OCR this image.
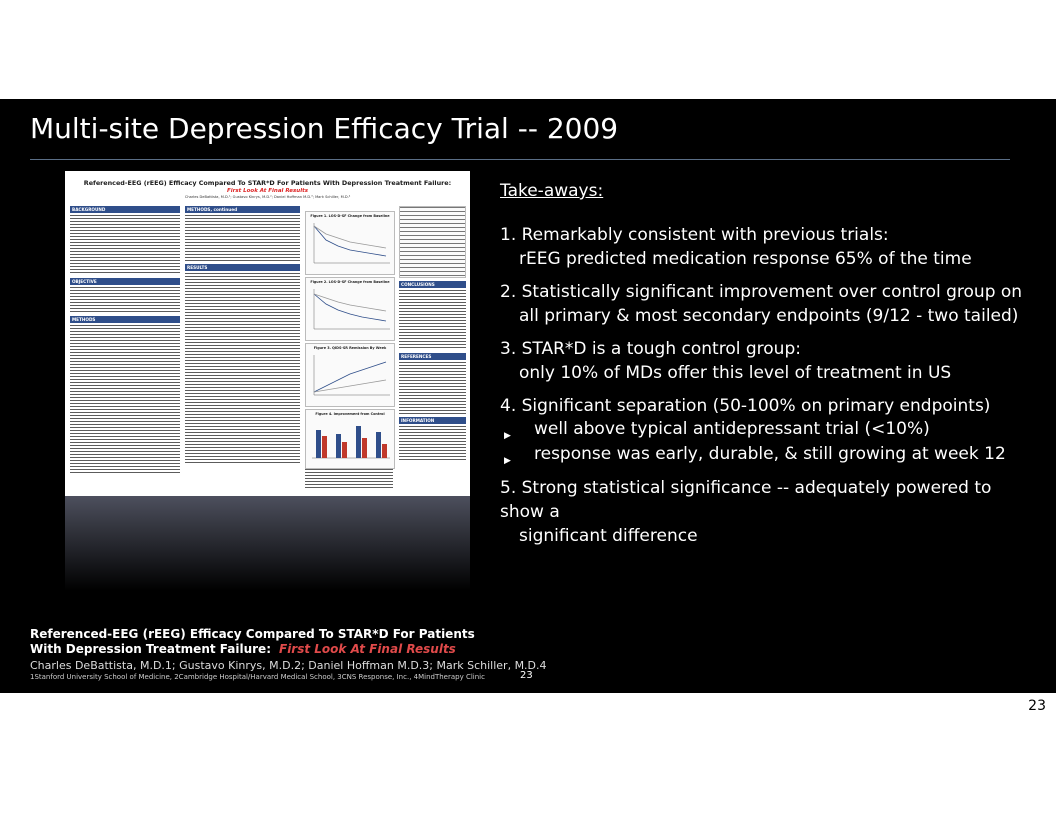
Multi-site Depression Efficacy Trial -- 2009
Referenced-EEG (rEEG) Efficacy Compared To STAR*D For Patients With Depression Treatment Failure:
First Look At Final Results
Charles DeBattista, M.D.¹; Gustavo Kinrys, M.D.²; Daniel Hoffman M.D.³; Mark Schiller, M.D.⁴
BACKGROUND
OBJECTIVE
METHODS
METHODS, continued
RESULTS
Figure 1. LOS-D-SF Change from Baseline
Figure 2. LOS-D-SF Change from Baseline
Figure 3. QIDS-SR Remission By Week
Figure 4. Improvement from Control
CONCLUSIONS
REFERENCES
INFORMATION
Take-aways:
1. Remarkably consistent with previous trials:
rEEG predicted medication response 65% of the time
2. Statistically significant improvement over control group on
all primary & most secondary endpoints (9/12 - two tailed)
3. STAR*D is a tough control group:
only 10% of MDs offer this level of treatment in US
4. Significant separation (50-100% on primary endpoints)
▶ well above typical antidepressant trial (<10%)
▶ response was early, durable, & still growing at week 12
5. Strong statistical significance -- adequately powered to show a
significant difference
Referenced-EEG (rEEG) Efficacy Compared To STAR*D For Patients
With Depression Treatment Failure: First Look At Final Results
Charles DeBattista, M.D.1; Gustavo Kinrys, M.D.2; Daniel Hoffman M.D.3; Mark Schiller, M.D.4
1Stanford University School of Medicine, 2Cambridge Hospital/Harvard Medical School, 3CNS Response, Inc., 4MindTherapy Clinic	23
23
